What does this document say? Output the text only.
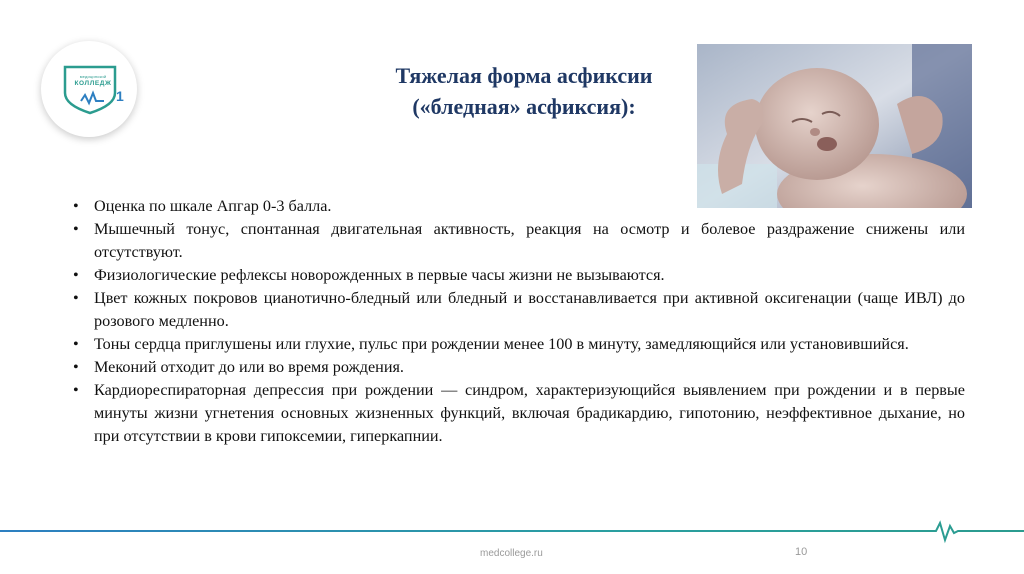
медицинский
КОЛЛЕДЖ
1
Тяжелая форма асфиксии
(«бледная» асфиксия):
• Оценка по шкале Апгар 0-3 балла.
• Мышечный тонус, спонтанная двигательная активность, реакция на осмотр и болевое раздражение снижены или отсутствуют.
• Физиологические рефлексы новорожденных в первые часы жизни не вызываются.
• Цвет кожных покровов цианотично-бледный или бледный и восстанавливается при активной оксигенации (чаще ИВЛ) до розового медленно.
• Тоны сердца приглушены или глухие, пульс при рождении менее 100 в минуту, замедляющийся или установившийся.
• Меконий отходит до или во время рождения.
• Кардиореспираторная депрессия при рождении — синдром, характеризующийся выявлением при рождении и в первые минуты жизни угнетения основных жизненных функций, включая брадикардию, гипотонию, неэффективное дыхание, но при отсутствии в крови гипоксемии, гиперкапнии.
medcollege.ru	10
